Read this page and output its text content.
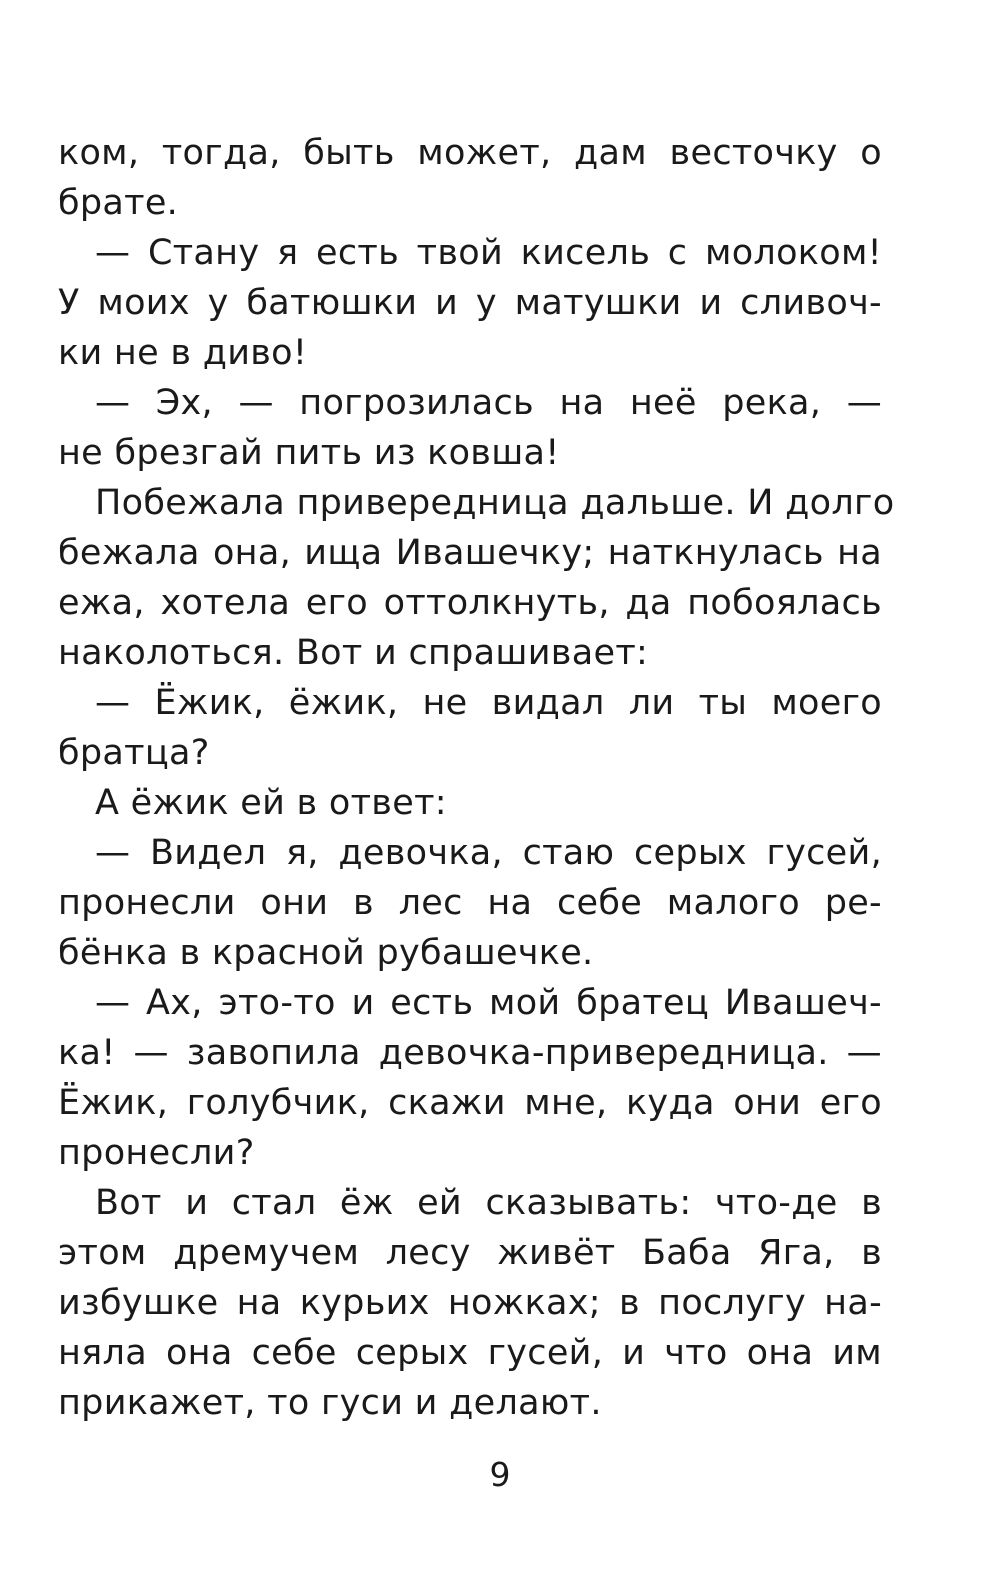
ком, тогда, быть может, дам весточку о
брате.
— Стану я есть твой кисель с молоком!
У моих у батюшки и у матушки и сливоч-
ки не в диво!
— Эх, — погрозилась на неё река, —
не брезгай пить из ковша!
Побежала привередница дальше. И долго
бежала она, ища Ивашечку; наткнулась на
ежа, хотела его оттолкнуть, да побоялась
наколоться. Вот и спрашивает:
— Ёжик, ёжик, не видал ли ты моего
братца?
А ёжик ей в ответ:
— Видел я, девочка, стаю серых гусей,
пронесли они в лес на себе малого ре-
бёнка в красной рубашечке.
— Ах, это-то и есть мой братец Ивашеч-
ка! — завопила девочка-привередница. —
Ёжик, голубчик, скажи мне, куда они его
пронесли?
Вот и стал ёж ей сказывать: что-де в
этом дремучем лесу живёт Баба Яга, в
избушке на курьих ножках; в послугу на-
няла она себе серых гусей, и что она им
прикажет, то гуси и делают.
9
